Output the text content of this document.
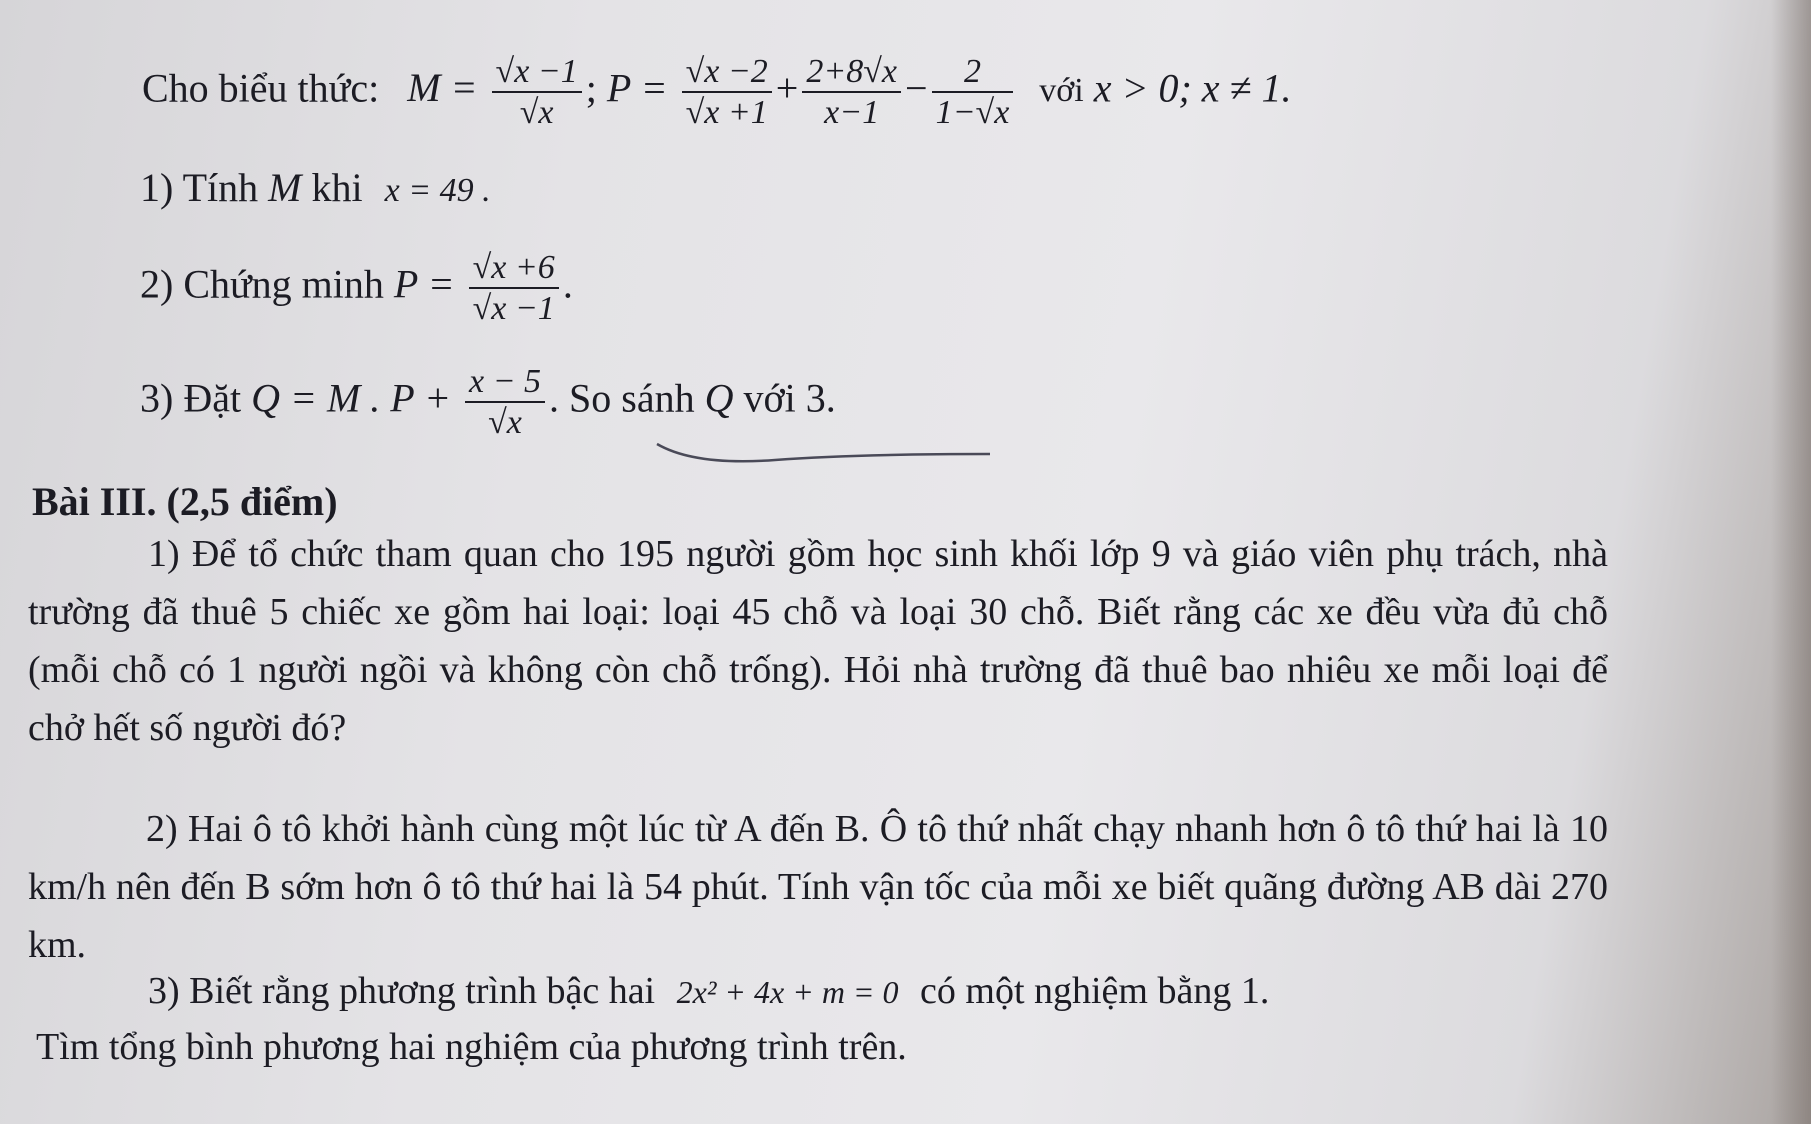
Cho biểu thức: $M = \frac{√x -1}{√x}$ ; $P = \frac{√x -2}{√x +1} + \frac{2+8√x}{x-1} - \frac{2}{1-√x}$ với x > 0; x ≠ 1.
1) Tính M khi x = 49 .
2) Chứng minh $P = \frac{√x +6}{√x -1}$ .
3) Đặt Q = M . $P + \frac{x - 5}{√x}$ . So sánh Q với 3.
Bài III. (2,5 điểm)
1) Để tổ chức tham quan cho 195 người gồm học sinh khối lớp 9 và giáo viên phụ trách, nhà trường đã thuê 5 chiếc xe gồm hai loại: loại 45 chỗ và loại 30 chỗ. Biết rằng các xe đều vừa đủ chỗ (mỗi chỗ có 1 người ngồi và không còn chỗ trống). Hỏi nhà trường đã thuê bao nhiêu xe mỗi loại để chở hết số người đó?
2) Hai ô tô khởi hành cùng một lúc từ A đến B. Ô tô thứ nhất chạy nhanh hơn ô tô thứ hai là 10 km/h nên đến B sớm hơn ô tô thứ hai là 54 phút. Tính vận tốc của mỗi xe biết quãng đường AB dài 270 km.
3) Biết rằng phương trình bậc hai 2x² + 4x + m = 0 có một nghiệm bằng 1.
Tìm tổng bình phương hai nghiệm của phương trình trên.
